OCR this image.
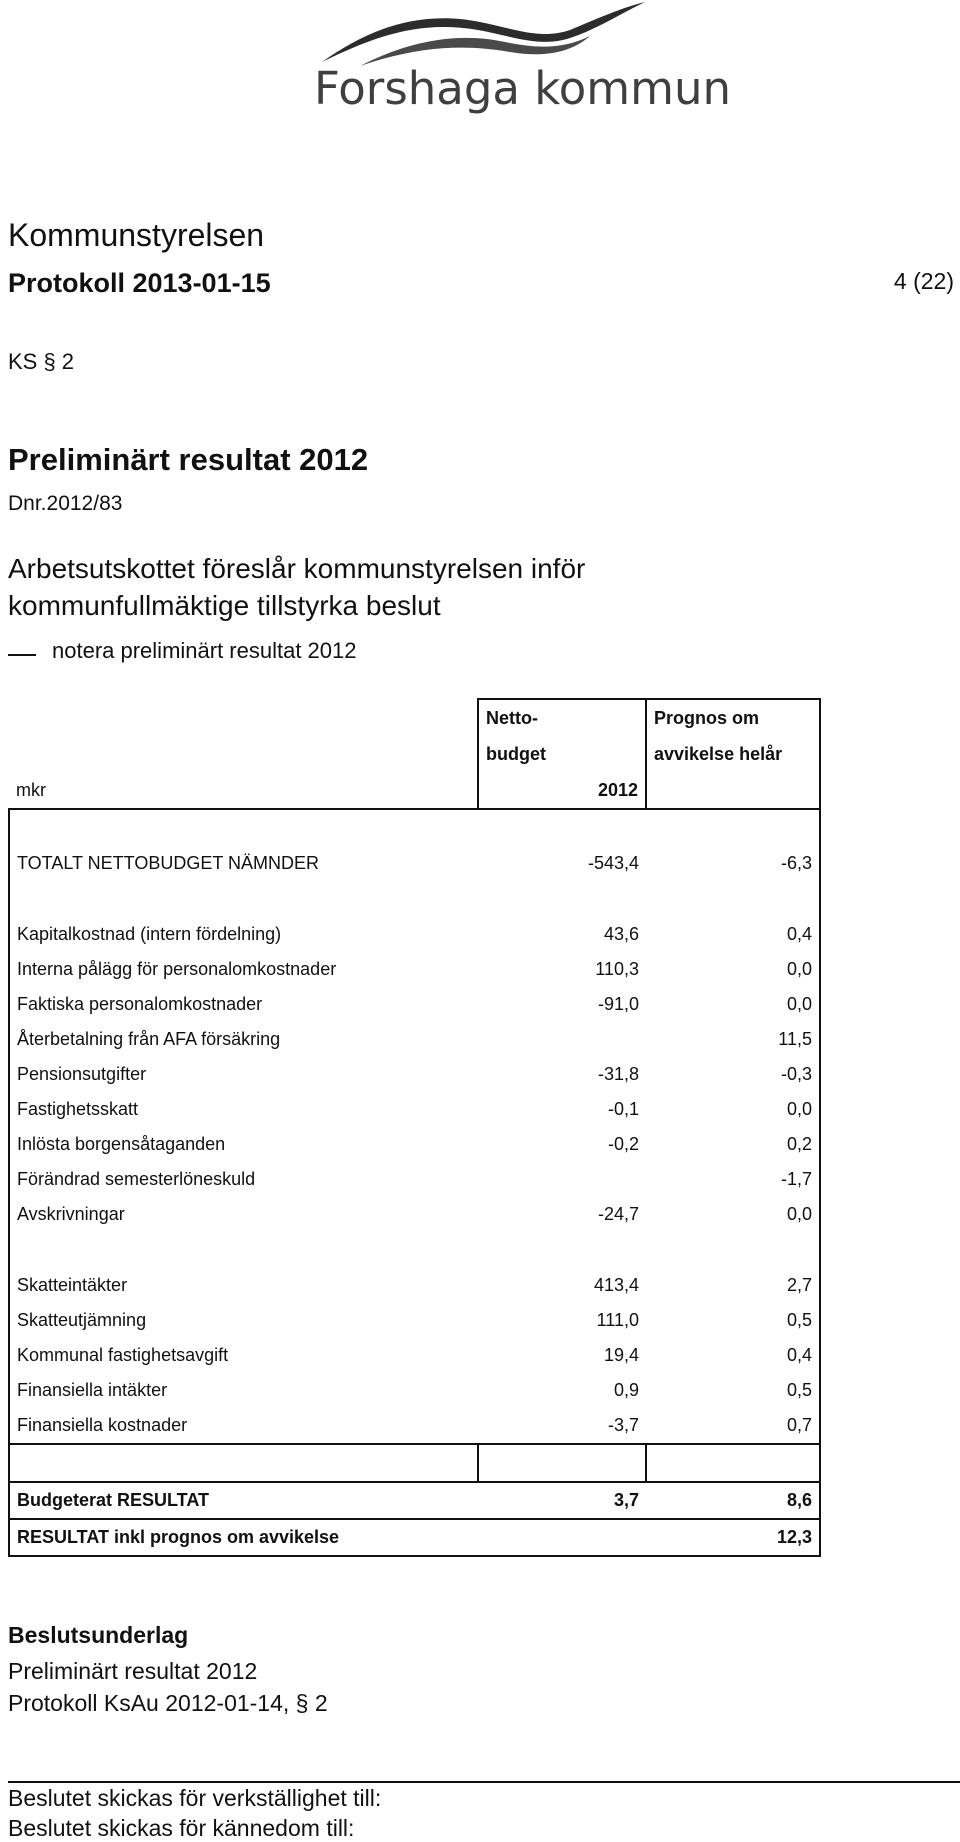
Forshaga kommun
Kommunstyrelsen
Protokoll 2013-01-15	4 (22)
KS § 2
Preliminärt resultat 2012
Dnr.2012/83
Arbetsutskottet föreslår kommunstyrelsen inför
kommunfullmäktige tillstyrka beslut
notera preliminärt resultat 2012
	Netto-	Prognos om
	budget	avvikelse helår
mkr	2012	

TOTALT NETTOBUDGET NÄMNDER	-543,4	-6,3

Kapitalkostnad (intern fördelning)	43,6	0,4
Interna pålägg för personalomkostnader	110,3	0,0
Faktiska personalomkostnader	-91,0	0,0
Återbetalning från AFA försäkring		11,5
Pensionsutgifter	-31,8	-0,3
Fastighetsskatt	-0,1	0,0
Inlösta borgensåtaganden	-0,2	0,2
Förändrad semesterlöneskuld		-1,7
Avskrivningar	-24,7	0,0

Skatteintäkter	413,4	2,7
Skatteutjämning	111,0	0,5
Kommunal fastighetsavgift	19,4	0,4
Finansiella intäkter	0,9	0,5
Finansiella kostnader	-3,7	0,7

Budgeterat RESULTAT	3,7	8,6
RESULTAT inkl prognos om avvikelse		12,3
Beslutsunderlag
Preliminärt resultat 2012
Protokoll KsAu 2012-01-14, § 2
Beslutet skickas för verkställighet till:
Beslutet skickas för kännedom till:
